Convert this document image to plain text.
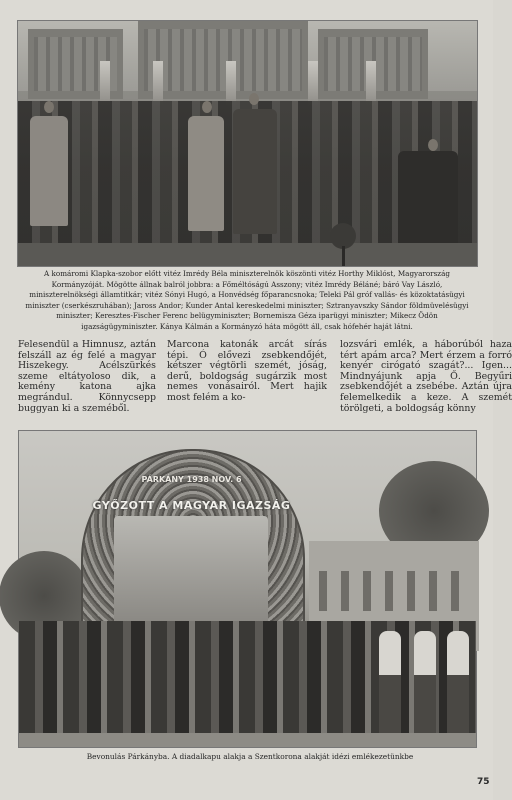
A komáromi Klapka-szobor előtt vitéz Imrédy Béla miniszterelnök köszönti vitéz Horthy Miklóst, Magyarország Kormányzóját. Mögötte állnak balról jobbra: a Főméltóságú Asszony; vitéz Imrédy Béláné; báró Vay László, miniszterelnökségi államtitkár; vitéz Sónyi Hugó, a Honvédség főparancsnoka; Teleki Pál gróf vallás- és közoktatásügyi miniszter (cserkészruhában); Jaross Andor; Kunder Antal kereskedelmi miniszter; Sztranyavszky Sándor földmüvelésügyi miniszter; Keresztes-Fischer Ferenc belügyminiszter; Bornemisza Géza iparügyi miniszter; Mikecz Ödön igazságügyminiszter. Kánya Kálmán a Kormányzó háta mögött áll, csak hófehér haját látni.

Felesendül a Himnusz, aztán felszáll az ég felé a magyar Hiszekegy. Acélszürkés szeme eltátyoloso dik, a kemény katona ajka megrándul. Könnycsepp buggyan ki a szeméből.

Marcona katonák arcát sírás tépi. Ó elővezi zsebkendőjét, kétszer végtörli szemét, jóság, derű, boldogság sugárzik most nemes vonásairól. Mert hajik most felém a ko-

lozsvári emlék, a háborúból haza tért apám arca? Mert érzem a forró kenyér cirógató szagát?... Igen... Mindnyájunk apja Ő. Begyűri zsebkendőjét a zsebébe. Aztán újra felemelkedik a keze. A szemét törölgeti, a boldogság könny

PÁRKÁNY 1938 NOV. 6
GYŐZOTT A MAGYAR IGAZSÁG
Bevonulás Párkányba. A diadalkapu alakja a Szentkorona alakját idézi emlékezetünkbe
75
